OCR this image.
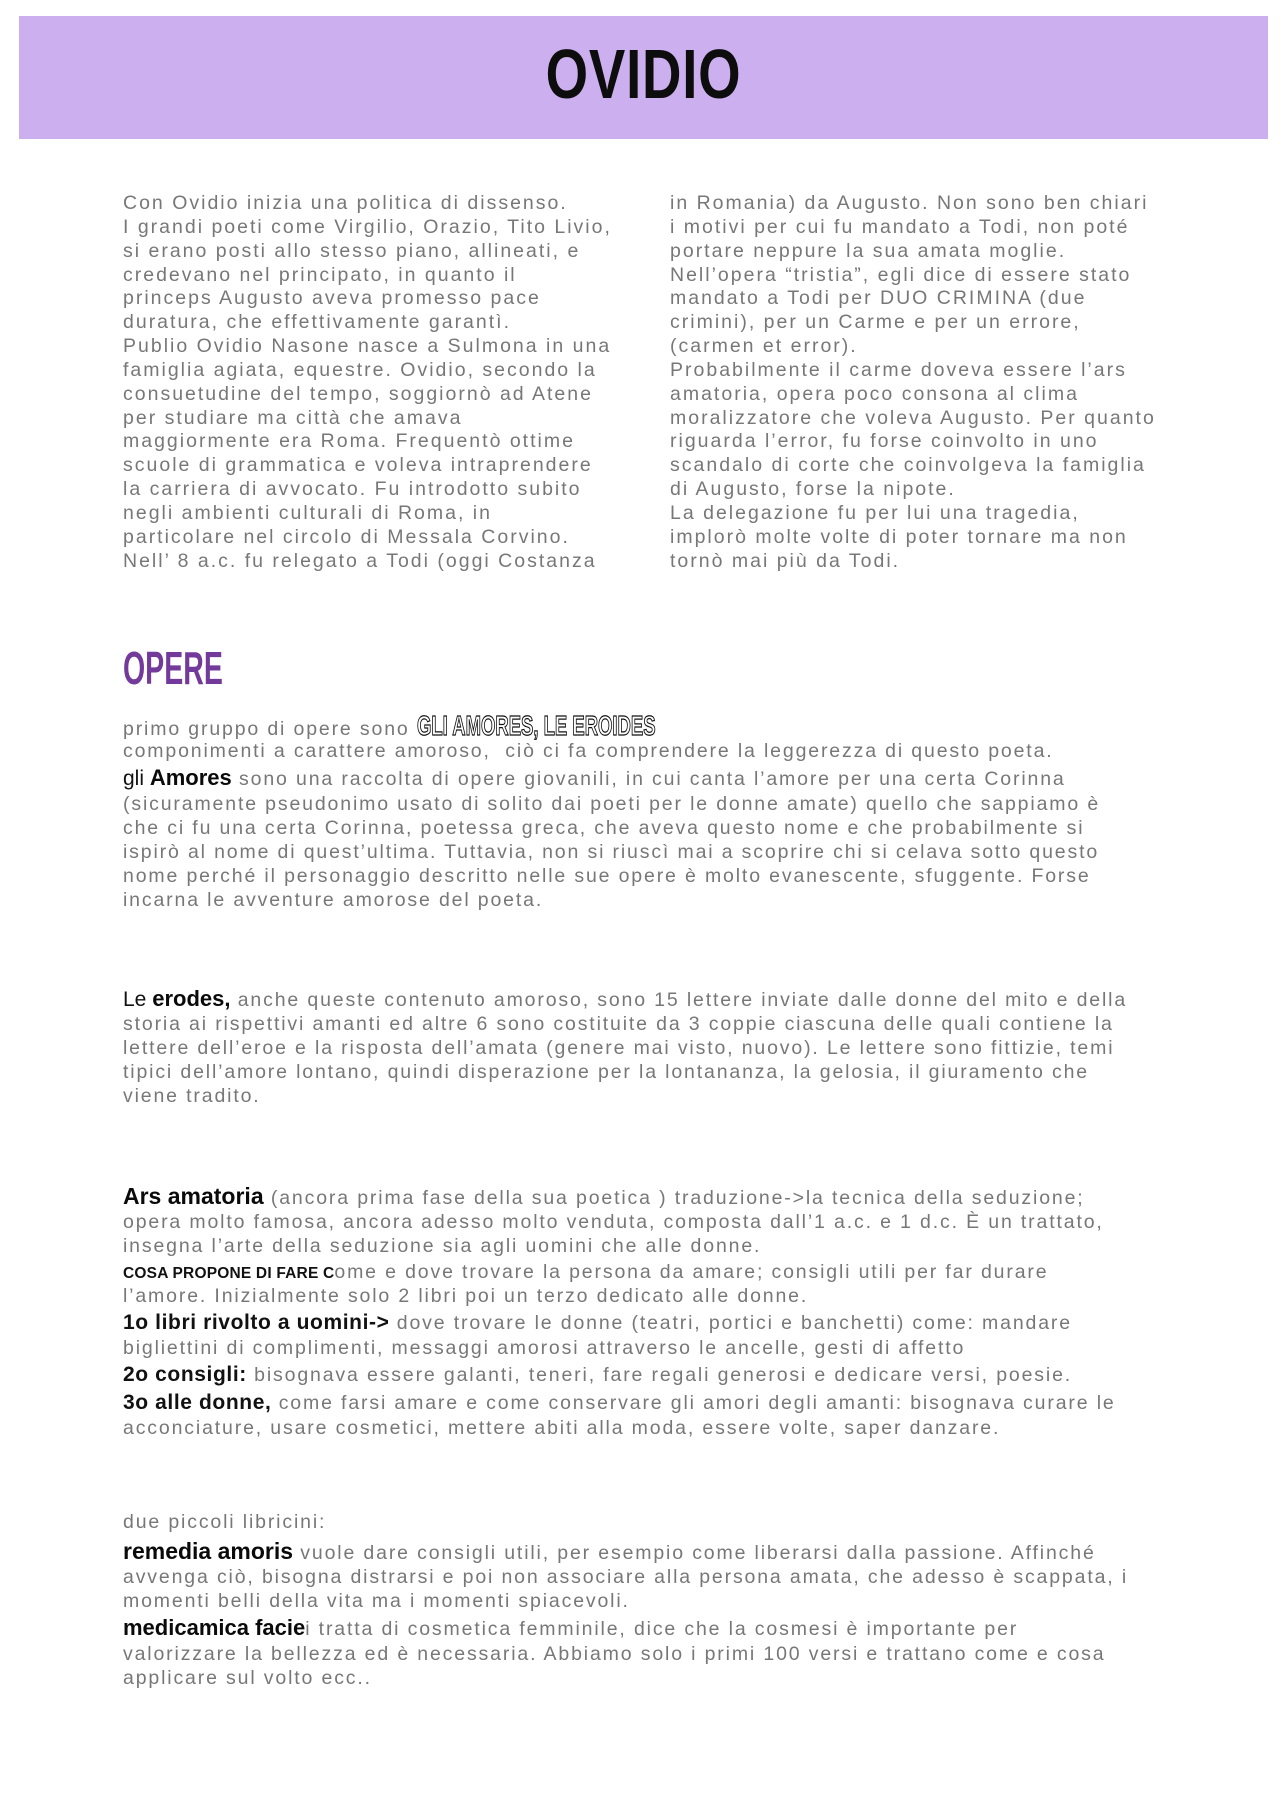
OVIDIO
Con Ovidio inizia una politica di dissenso.
I grandi poeti come Virgilio, Orazio, Tito Livio,
si erano posti allo stesso piano, allineati, e
credevano nel principato, in quanto il
princeps Augusto aveva promesso pace
duratura, che effettivamente garantì.
Publio Ovidio Nasone nasce a Sulmona in una
famiglia agiata, equestre. Ovidio, secondo la
consuetudine del tempo, soggiornò ad Atene
per studiare ma città che amava
maggiormente era Roma. Frequentò ottime
scuole di grammatica e voleva intraprendere
la carriera di avvocato. Fu introdotto subito
negli ambienti culturali di Roma, in
particolare nel circolo di Messala Corvino.
Nell’ 8 a.c. fu relegato a Todi (oggi Costanza
in Romania) da Augusto. Non sono ben chiari
i motivi per cui fu mandato a Todi, non poté
portare neppure la sua amata moglie.
Nell’opera “tristia”, egli dice di essere stato
mandato a Todi per DUO CRIMINA (due
crimini), per un Carme e per un errore,
(carmen et error).
Probabilmente il carme doveva essere l’ars
amatoria, opera poco consona al clima
moralizzatore che voleva Augusto. Per quanto
riguarda l’error, fu forse coinvolto in uno
scandalo di corte che coinvolgeva la famiglia
di Augusto, forse la nipote.
La delegazione fu per lui una tragedia,
implorò molte volte di poter tornare ma non
tornò mai più da Todi.
OPERE
primo gruppo di opere sono GLI AMORES, LE EROIDES
componimenti a carattere amoroso,  ciò ci fa comprendere la leggerezza di questo poeta.
gli Amores sono una raccolta di opere giovanili, in cui canta l’amore per una certa Corinna
(sicuramente pseudonimo usato di solito dai poeti per le donne amate) quello che sappiamo è
che ci fu una certa Corinna, poetessa greca, che aveva questo nome e che probabilmente si
ispirò al nome di quest’ultima. Tuttavia, non si riuscì mai a scoprire chi si celava sotto questo
nome perché il personaggio descritto nelle sue opere è molto evanescente, sfuggente. Forse
incarna le avventure amorose del poeta.
Le erodes, anche queste contenuto amoroso, sono 15 lettere inviate dalle donne del mito e della
storia ai rispettivi amanti ed altre 6 sono costituite da 3 coppie ciascuna delle quali contiene la
lettere dell’eroe e la risposta dell’amata (genere mai visto, nuovo). Le lettere sono fittizie, temi
tipici dell’amore lontano, quindi disperazione per la lontananza, la gelosia, il giuramento che
viene tradito.
Ars amatoria (ancora prima fase della sua poetica ) traduzione->la tecnica della seduzione;
opera molto famosa, ancora adesso molto venduta, composta dall’1 a.c. e 1 d.c. È un trattato,
insegna l’arte della seduzione sia agli uomini che alle donne.
COSA PROPONE DI FARE Come e dove trovare la persona da amare; consigli utili per far durare
l’amore. Inizialmente solo 2 libri poi un terzo dedicato alle donne.
1o libri rivolto a uomini-> dove trovare le donne (teatri, portici e banchetti) come: mandare
bigliettini di complimenti, messaggi amorosi attraverso le ancelle, gesti di affetto
2o consigli: bisognava essere galanti, teneri, fare regali generosi e dedicare versi, poesie.
3o alle donne, come farsi amare e come conservare gli amori degli amanti: bisognava curare le
acconciature, usare cosmetici, mettere abiti alla moda, essere volte, saper danzare.
due piccoli libricini:
remedia amoris vuole dare consigli utili, per esempio come liberarsi dalla passione. Affinché
avvenga ciò, bisogna distrarsi e poi non associare alla persona amata, che adesso è scappata, i
momenti belli della vita ma i momenti spiacevoli.
medicamica faciei tratta di cosmetica femminile, dice che la cosmesi è importante per
valorizzare la bellezza ed è necessaria. Abbiamo solo i primi 100 versi e trattano come e cosa
applicare sul volto ecc..
